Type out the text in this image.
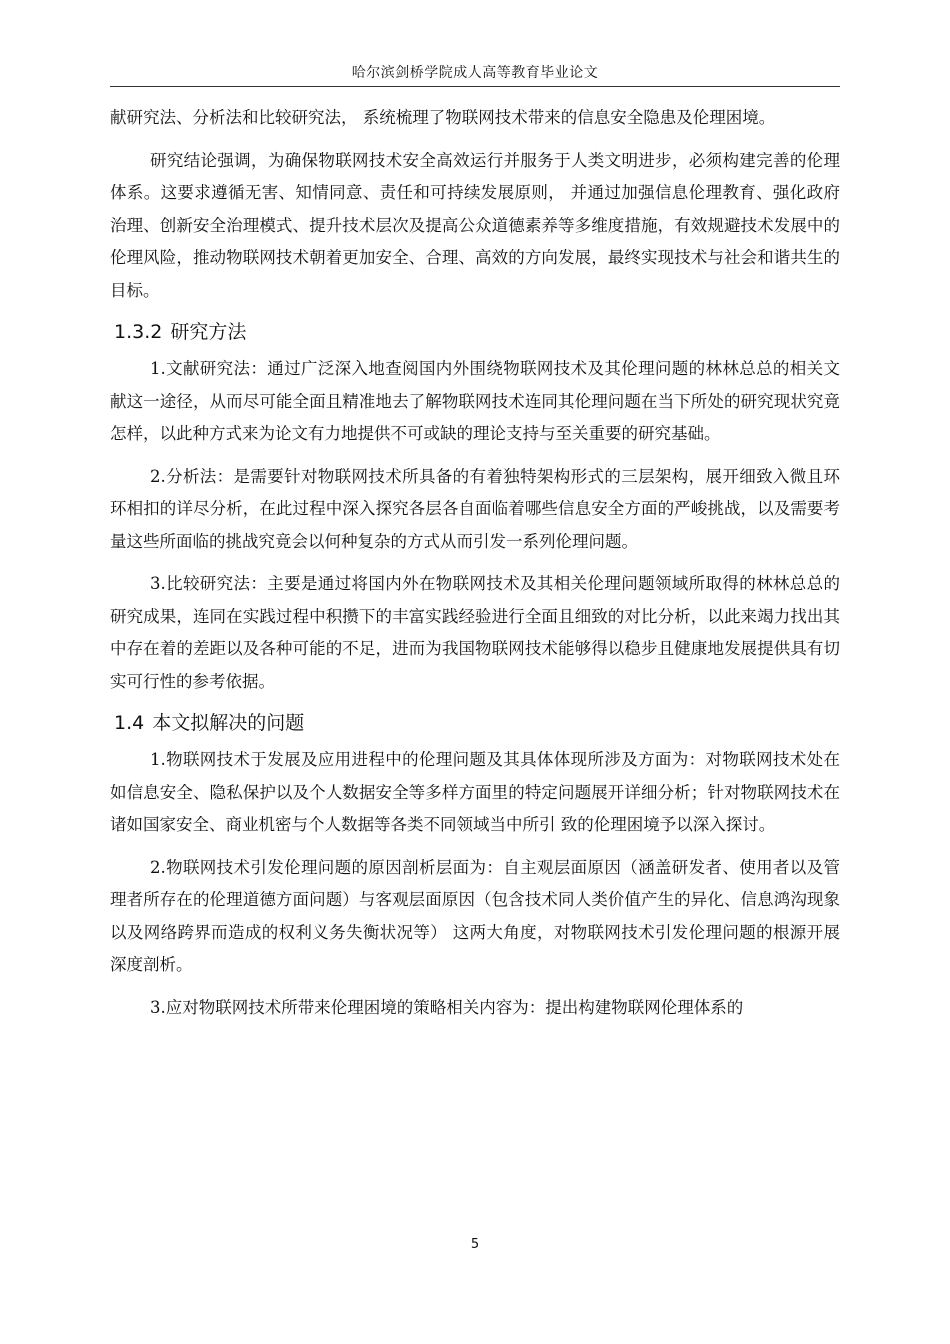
哈尔滨剑桥学院成人高等教育毕业论文

献研究法、分析法和比较研究法， 系统梳理了物联网技术带来的信息安全隐患及伦理困境。

研究结论强调，为确保物联网技术安全高效运行并服务于人类文明进步，必须构建完善的伦理体系。这要求遵循无害、知情同意、责任和可持续发展原则， 并通过加强信息伦理教育、强化政府治理、创新安全治理模式、提升技术层次及提高公众道德素养等多维度措施，有效规避技术发展中的伦理风险，推动物联网技术朝着更加安全、合理、高效的方向发展，最终实现技术与社会和谐共生的目标。

1.3.2 研究方法

1.文献研究法：通过广泛深入地查阅国内外围绕物联网技术及其伦理问题的林林总总的相关文献这一途径，从而尽可能全面且精准地去了解物联网技术连同其伦理问题在当下所处的研究现状究竟怎样，以此种方式来为论文有力地提供不可或缺的理论支持与至关重要的研究基础。

2.分析法：是需要针对物联网技术所具备的有着独特架构形式的三层架构，展开细致入微且环环相扣的详尽分析，在此过程中深入探究各层各自面临着哪些信息安全方面的严峻挑战，以及需要考量这些所面临的挑战究竟会以何种复杂的方式从而引发一系列伦理问题。

3.比较研究法：主要是通过将国内外在物联网技术及其相关伦理问题领域所取得的林林总总的研究成果，连同在实践过程中积攒下的丰富实践经验进行全面且细致的对比分析，以此来竭力找出其中存在着的差距以及各种可能的不足，进而为我国物联网技术能够得以稳步且健康地发展提供具有切实可行性的参考依据。

1.4 本文拟解决的问题

1.物联网技术于发展及应用进程中的伦理问题及其具体体现所涉及方面为：对物联网技术处在如信息安全、隐私保护以及个人数据安全等多样方面里的特定问题展开详细分析；针对物联网技术在诸如国家安全、商业机密与个人数据等各类不同领域当中所引 致的伦理困境予以深入探讨。

2.物联网技术引发伦理问题的原因剖析层面为：自主观层面原因（涵盖研发者、使用者以及管理者所存在的伦理道德方面问题）与客观层面原因（包含技术同人类价值产生的异化、信息鸿沟现象以及网络跨界而造成的权利义务失衡状况等） 这两大角度，对物联网技术引发伦理问题的根源开展深度剖析。

3.应对物联网技术所带来伦理困境的策略相关内容为：提出构建物联网伦理体系的

5
